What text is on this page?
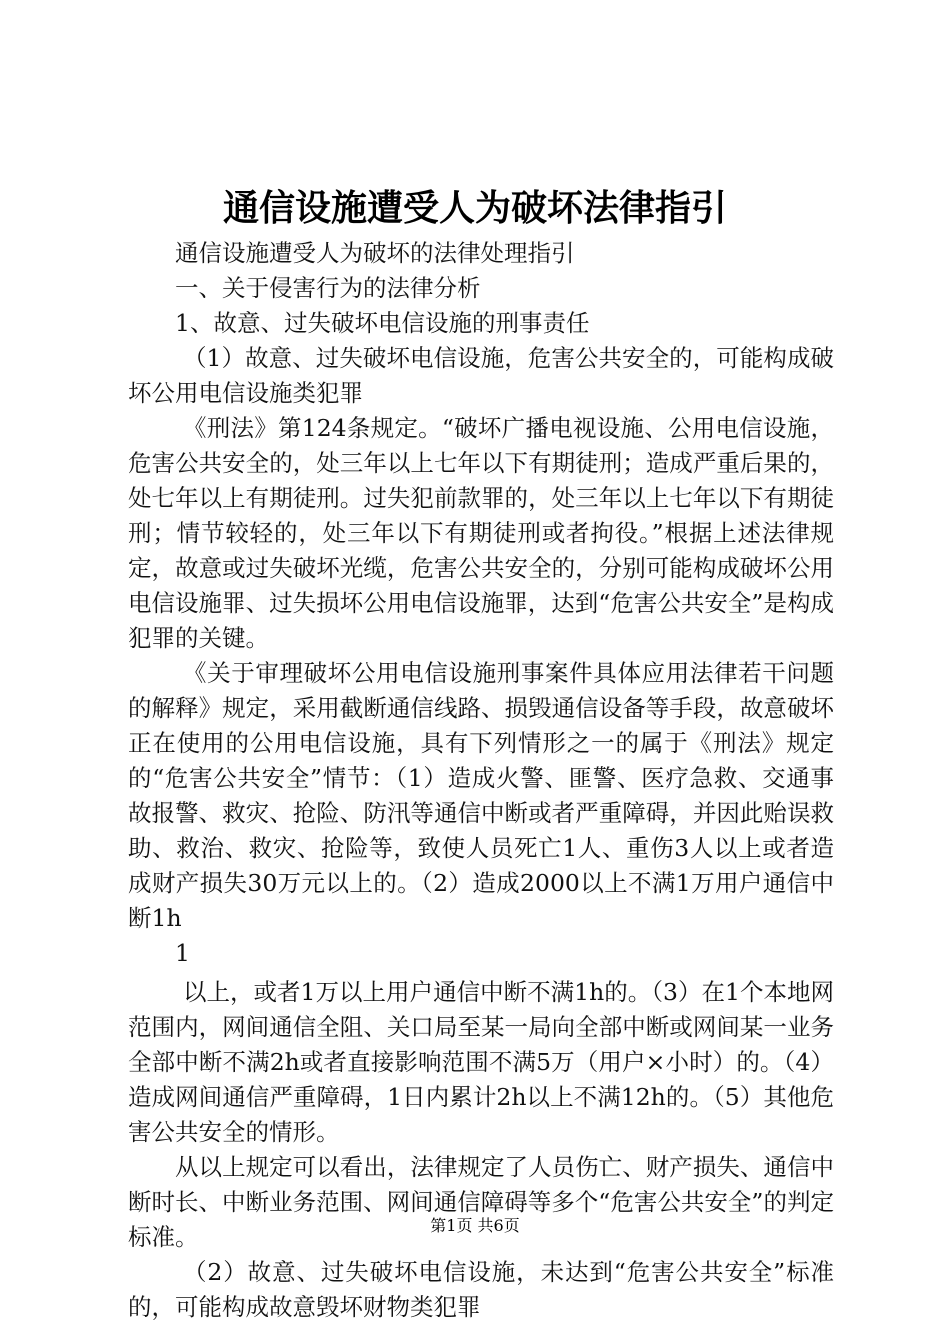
通信设施遭受人为破坏法律指引

通信设施遭受人为破坏的法律处理指引

一、关于侵害行为的法律分析

1、故意、过失破坏电信设施的刑事责任

（1）故意、过失破坏电信设施，危害公共安全的，可能构成破坏公用电信设施类犯罪

《刑法》第124条规定。“破坏广播电视设施、公用电信设施，危害公共安全的，处三年以上七年以下有期徒刑；造成严重后果的，处七年以上有期徒刑。过失犯前款罪的，处三年以上七年以下有期徒刑；情节较轻的，处三年以下有期徒刑或者拘役。”根据上述法律规定，故意或过失破坏光缆，危害公共安全的，分别可能构成破坏公用电信设施罪、过失损坏公用电信设施罪，达到“危害公共安全”是构成犯罪的关键。

《关于审理破坏公用电信设施刑事案件具体应用法律若干问题的解释》规定，采用截断通信线路、损毁通信设备等手段，故意破坏正在使用的公用电信设施，具有下列情形之一的属于《刑法》规定的“危害公共安全”情节：（1）造成火警、匪警、医疗急救、交通事故报警、救灾、抢险、防汛等通信中断或者严重障碍，并因此贻误救助、救治、救灾、抢险等，致使人员死亡1人、重伤3人以上或者造成财产损失30万元以上的。（2）造成2000以上不满1万用户通信中断1h

1

以上，或者1万以上用户通信中断不满1h的。（3）在1个本地网范围内，网间通信全阻、关口局至某一局向全部中断或网间某一业务全部中断不满2h或者直接影响范围不满5万（用户×小时）的。（4）造成网间通信严重障碍，1日内累计2h以上不满12h的。（5）其他危害公共安全的情形。

从以上规定可以看出，法律规定了人员伤亡、财产损失、通信中断时长、中断业务范围、网间通信障碍等多个“危害公共安全”的判定标准。

（2）故意、过失破坏电信设施，未达到“危害公共安全”标准的，可能构成故意毁坏财物类犯罪

第1页 共6页
